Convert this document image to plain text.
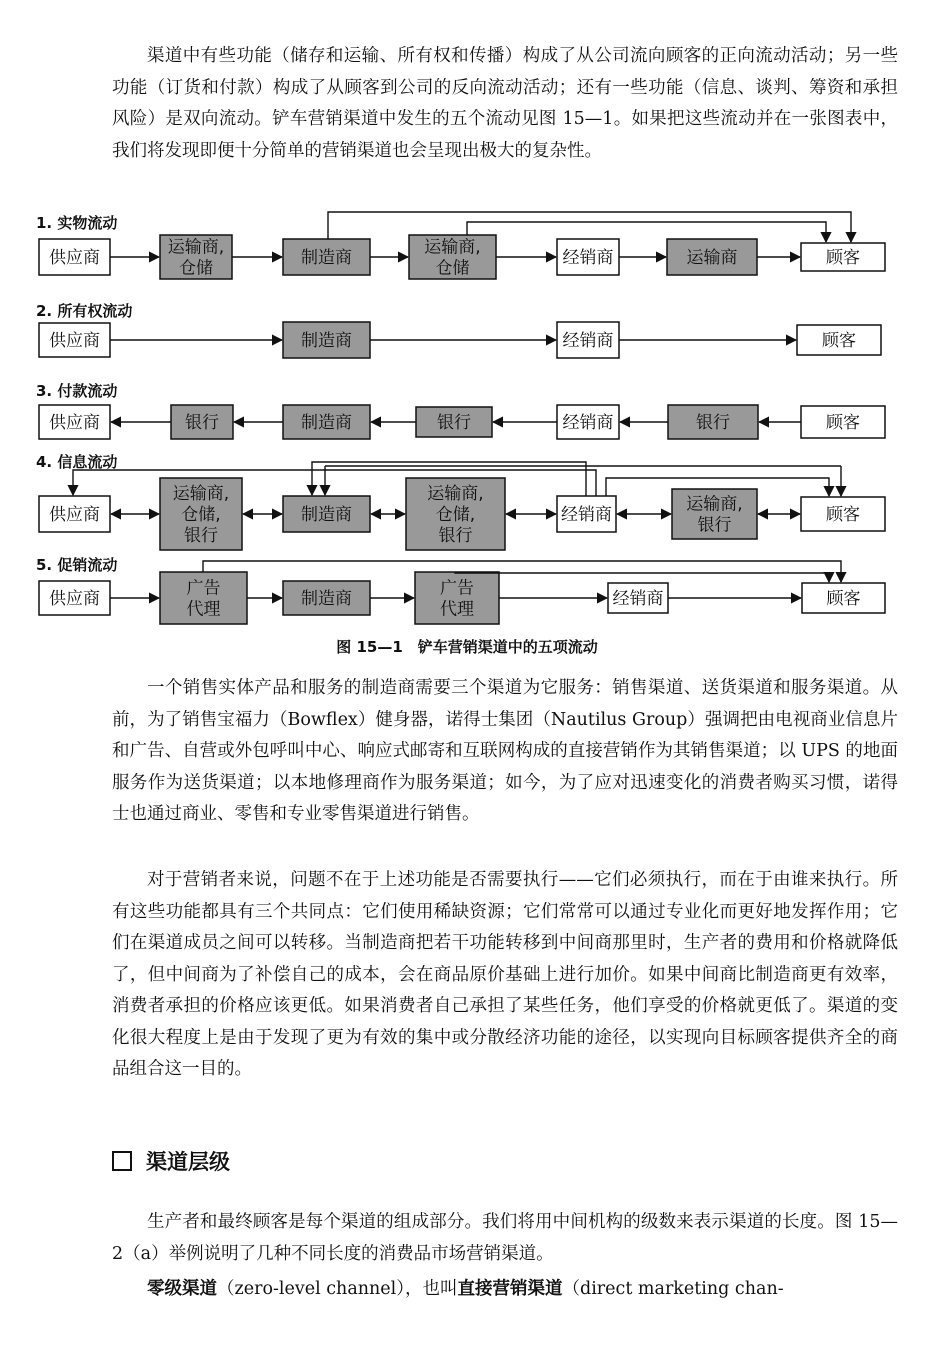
渠道中有些功能（储存和运输、所有权和传播）构成了从公司流向顾客的正向流动活动；另一些功能（订货和付款）构成了从顾客到公司的反向流动活动；还有一些功能（信息、谈判、筹资和承担风险）是双向流动。铲车营销渠道中发生的五个流动见图 15—1。如果把这些流动并在一张图表中，我们将发现即便十分简单的营销渠道也会呈现出极大的复杂性。

1. 实物流动
供应商
运输商,仓储
制造商
运输商,仓储
经销商	运输商	顾客
2. 所有权流动
供应商	制造商	经销商	顾客
3. 付款流动
供应商	银行	制造商	银行	经销商	银行	顾客
4. 信息流动
供应商
运输商,仓储,银行
制造商
运输商,仓储,银行
经销商
运输商,银行
顾客
5. 促销流动
供应商
广告代理
制造商
广告代理
经销商	顾客
图 15—1　铲车营销渠道中的五项流动

一个销售实体产品和服务的制造商需要三个渠道为它服务：销售渠道、送货渠道和服务渠道。从前，为了销售宝福力（Bowflex）健身器，诺得士集团（Nautilus Group）强调把由电视商业信息片和广告、自营或外包呼叫中心、响应式邮寄和互联网构成的直接营销作为其销售渠道；以 UPS 的地面服务作为送货渠道；以本地修理商作为服务渠道；如今，为了应对迅速变化的消费者购买习惯，诺得士也通过商业、零售和专业零售渠道进行销售。

对于营销者来说，问题不在于上述功能是否需要执行——它们必须执行，而在于由谁来执行。所有这些功能都具有三个共同点：它们使用稀缺资源；它们常常可以通过专业化而更好地发挥作用；它们在渠道成员之间可以转移。当制造商把若干功能转移到中间商那里时，生产者的费用和价格就降低了，但中间商为了补偿自己的成本，会在商品原价基础上进行加价。如果中间商比制造商更有效率，消费者承担的价格应该更低。如果消费者自己承担了某些任务，他们享受的价格就更低了。渠道的变化很大程度上是由于发现了更为有效的集中或分散经济功能的途径，以实现向目标顾客提供齐全的商品组合这一目的。

渠道层级

生产者和最终顾客是每个渠道的组成部分。我们将用中间机构的级数来表示渠道的长度。图 15—2（a）举例说明了几种不同长度的消费品市场营销渠道。

零级渠道（zero-level channel），也叫直接营销渠道（direct marketing chan-
